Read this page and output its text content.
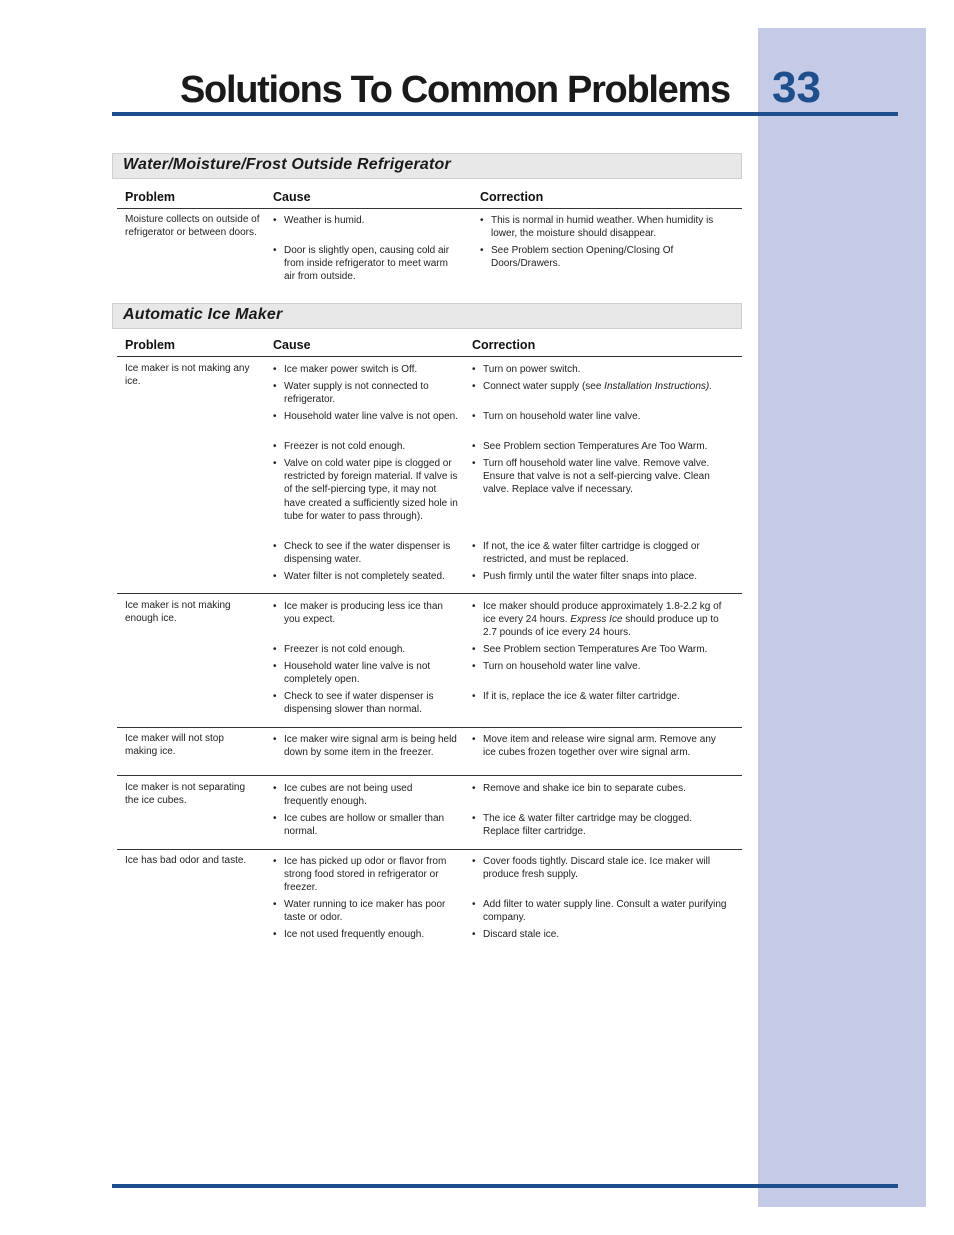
Solutions To Common Problems 33
Water/Moisture/Frost Outside Refrigerator
Problem	Cause	Correction
Moisture collects on outside of refrigerator or between doors.
• Weather is humid.
• Door is slightly open, causing cold air from inside refrigerator to meet warm air from outside.
• This is normal in humid weather. When humidity is lower, the moisture should disappear.
• See Problem section Opening/Closing Of Doors/Drawers.
Automatic Ice Maker
Problem	Cause	Correction
Ice maker is not making any ice.
• Ice maker power switch is Off.
• Water supply is not connected to refrigerator.
• Household water line valve is not open.
• Freezer is not cold enough.
• Valve on cold water pipe is clogged or restricted by foreign material. If valve is of the self-piercing type, it may not have created a sufficiently sized hole in tube for water to pass through).
• Check to see if the water dispenser is dispensing water.
• Water filter is not completely seated.
• Turn on power switch.
• Connect water supply (see Installation Instructions).
• Turn on household water line valve.
• See Problem section Temperatures Are Too Warm.
• Turn off household water line valve. Remove valve. Ensure that valve is not a self-piercing valve. Clean valve. Replace valve if necessary.
• If not, the ice & water filter cartridge is clogged or restricted, and must be replaced.
• Push firmly until the water filter snaps into place.
Ice maker is not making enough ice.
• Ice maker is producing less ice than you expect.
• Freezer is not cold enough.
• Household water line valve is not completely open.
• Check to see if water dispenser is dispensing slower than normal.
• Ice maker should produce approximately 1.8-2.2 kg of ice every 24 hours. Express Ice should produce up to 2.7 pounds of ice every 24 hours.
• See Problem section Temperatures Are Too Warm.
• Turn on household water line valve.
• If it is, replace the ice & water filter cartridge.
Ice maker will not stop making ice.
• Ice maker wire signal arm is being held down by some item in the freezer.
• Move item and release wire signal arm. Remove any ice cubes frozen together over wire signal arm.
Ice maker is not separating the ice cubes.
• Ice cubes are not being used frequently enough.
• Ice cubes are hollow or smaller than normal.
• Remove and shake ice bin to separate cubes.
• The ice & water filter cartridge may be clogged. Replace filter cartridge.
Ice has bad odor and taste.
•	Ice has picked up odor or flavor from strong food stored in refrigerator or freezer.
• Water running to ice maker has poor taste or odor.
• Ice not used frequently enough.
• Cover foods tightly. Discard stale ice. Ice maker will produce fresh supply.
• Add filter to water supply line. Consult a water purifying company.
• Discard stale ice.
